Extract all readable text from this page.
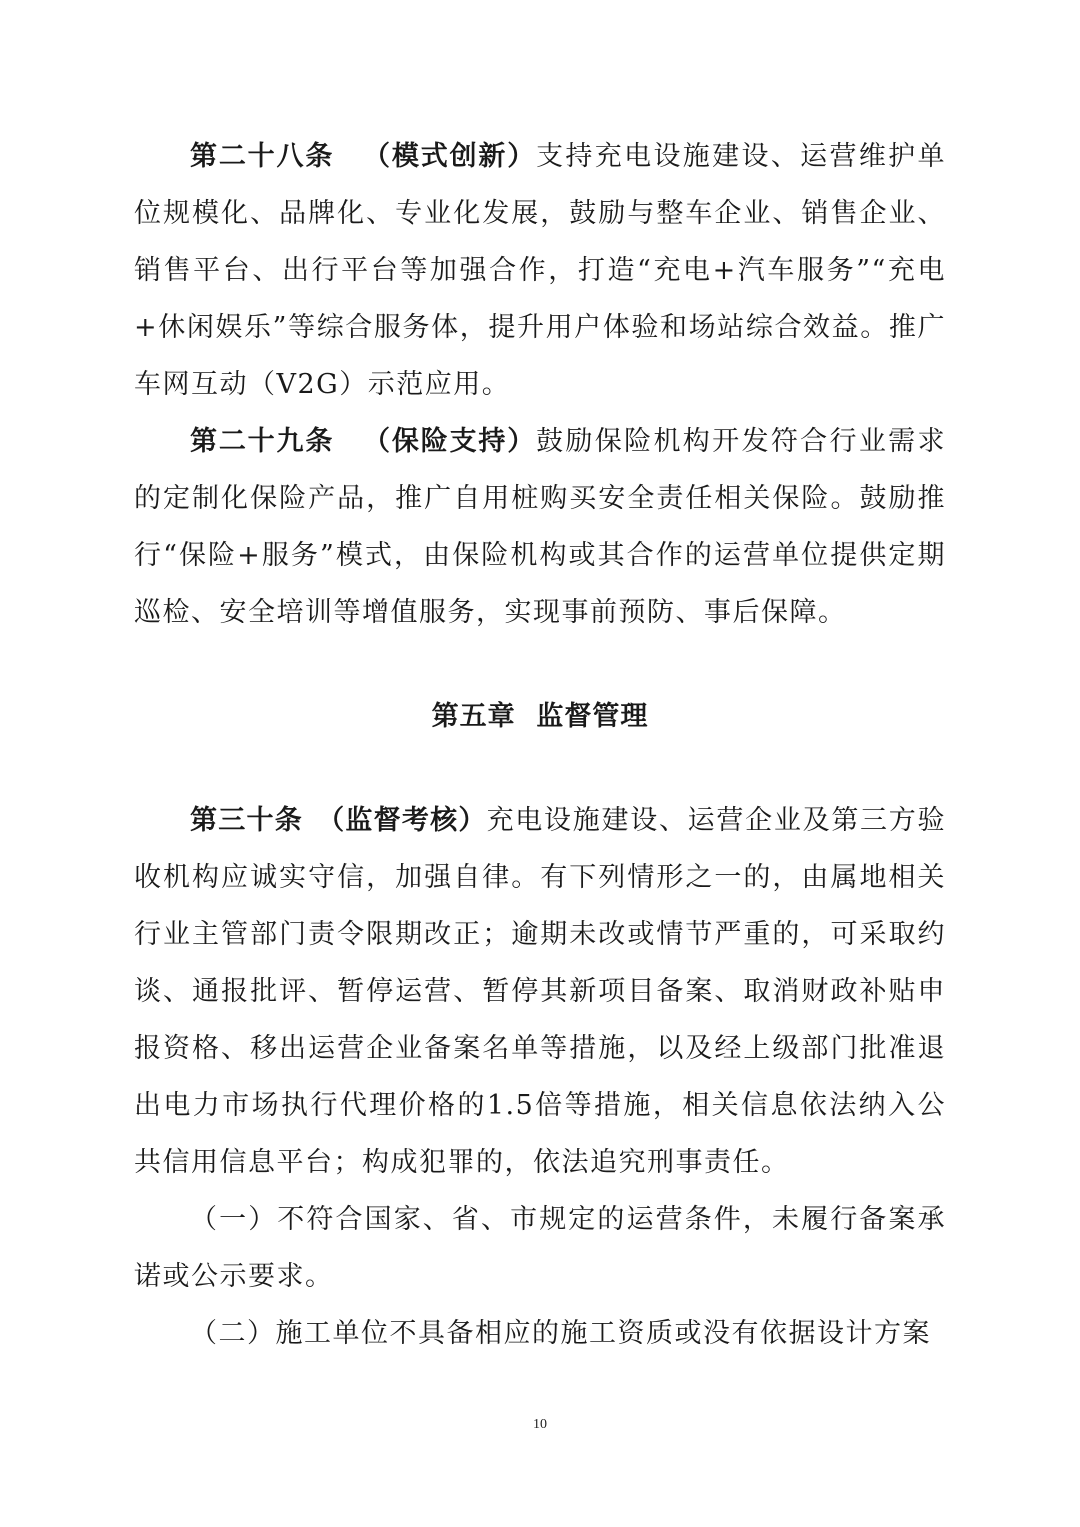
第二十八条 （模式创新）支持充电设施建设、运营维护单位规模化、品牌化、专业化发展，鼓励与整车企业、销售企业、销售平台、出行平台等加强合作，打造“充电+汽车服务”“充电+休闲娱乐”等综合服务体，提升用户体验和场站综合效益。推广车网互动（V2G）示范应用。

第二十九条 （保险支持）鼓励保险机构开发符合行业需求的定制化保险产品，推广自用桩购买安全责任相关保险。鼓励推行“保险+服务”模式，由保险机构或其合作的运营单位提供定期巡检、安全培训等增值服务，实现事前预防、事后保障。

第五章  监督管理

第三十条 （监督考核）充电设施建设、运营企业及第三方验收机构应诚实守信，加强自律。有下列情形之一的，由属地相关行业主管部门责令限期改正；逾期未改或情节严重的，可采取约谈、通报批评、暂停运营、暂停其新项目备案、取消财政补贴申报资格、移出运营企业备案名单等措施，以及经上级部门批准退出电力市场执行代理价格的1.5倍等措施，相关信息依法纳入公共信用信息平台；构成犯罪的，依法追究刑事责任。

（一）不符合国家、省、市规定的运营条件，未履行备案承诺或公示要求。

（二）施工单位不具备相应的施工资质或没有依据设计方案

10
